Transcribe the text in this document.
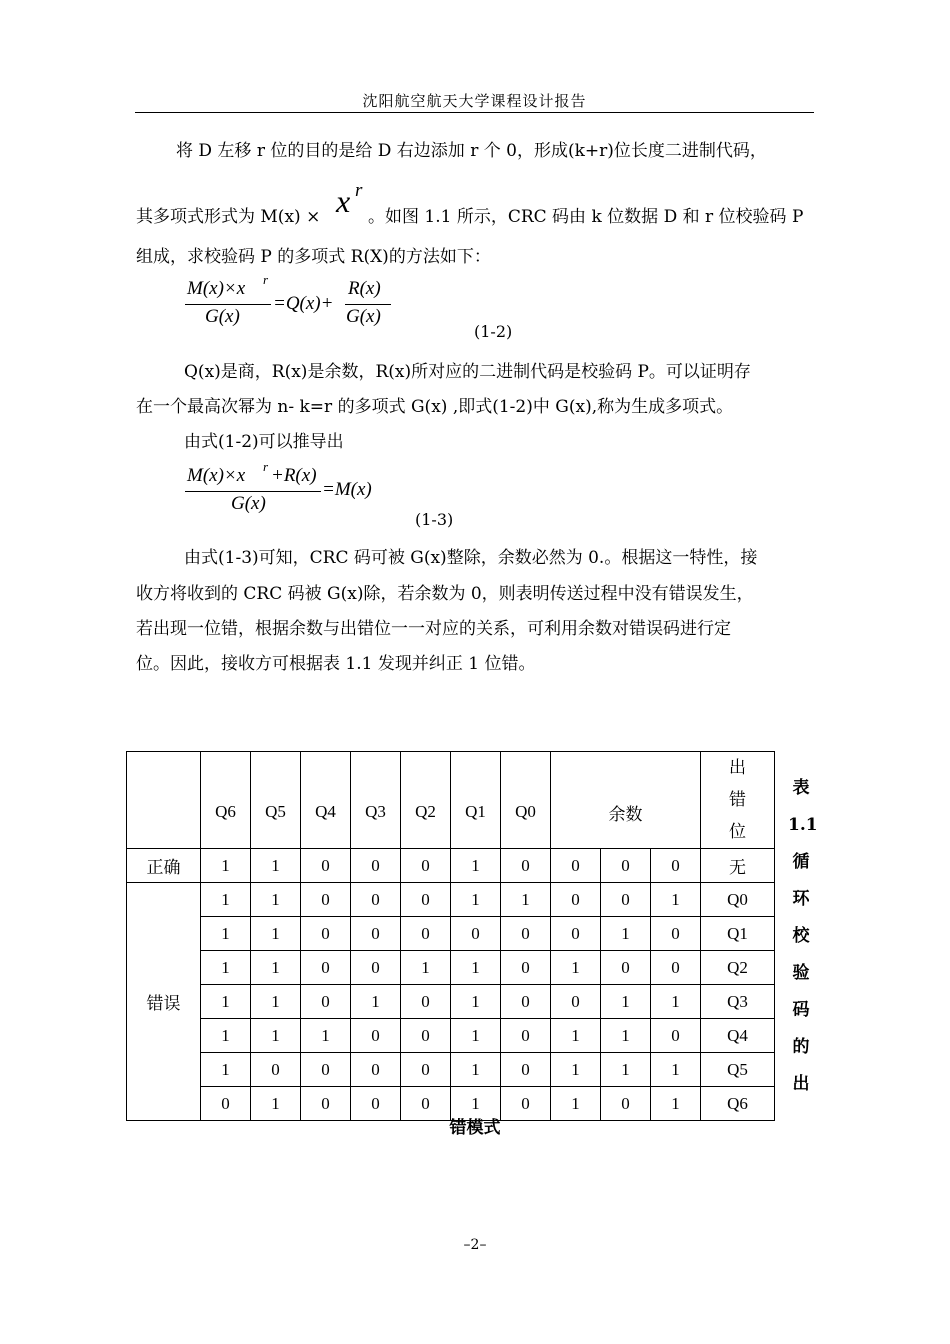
沈阳航空航天大学课程设计报告
将 D 左移 r 位的目的是给 D 右边添加 r 个 0，形成(k+r)位长度二进制代码，
其多项式形式为 M(x) × x r
。如图 1.1 所示，CRC 码由 k 位数据 D 和 r 位校验码 P
组成，求校验码 P 的多项式 R(X)的方法如下：
M(x)×x r
G(x)
=Q(x)+
R(x)
G(x)
(1-2)
Q(x)是商，R(x)是余数，R(x)所对应的二进制代码是校验码 P。可以证明存
在一个最高次幂为 n- k=r 的多项式 G(x) ,即式(1-2)中 G(x),称为生成多项式。
由式(1-2)可以推导出
M(x)×x r +R(x)
G(x)
=M(x)
(1-3)
由式(1-3)可知，CRC 码可被 G(x)整除，余数必然为 0.。根据这一特性，接
收方将收到的 CRC 码被 G(x)除，若余数为 0，则表明传送过程中没有错误发生，
若出现一位错，根据余数与出错位一一对应的关系，可利用余数对错误码进行定
位。因此，接收方可根据表 1.1 发现并纠正 1 位错。
	Q6	Q5	Q4	Q3	Q2	Q1	Q0	余数			出错位
正确	1	1	0	0	0	1	0	0	0	0	无
错误	1	1	0	0	0	1	1	0	0	1	Q0
	1	1	0	0	0	0	0	0	1	0	Q1
	1	1	0	0	1	1	0	1	0	0	Q2
	1	1	0	1	0	1	0	0	1	1	Q3
	1	1	1	0	0	1	0	1	1	0	Q4
	1	0	0	0	0	1	0	1	1	1	Q5
	0	1	0	0	0	1	0	1	0	1	Q6
表
1.1
循
环
校
验
码
的
出
错模式
–2–
